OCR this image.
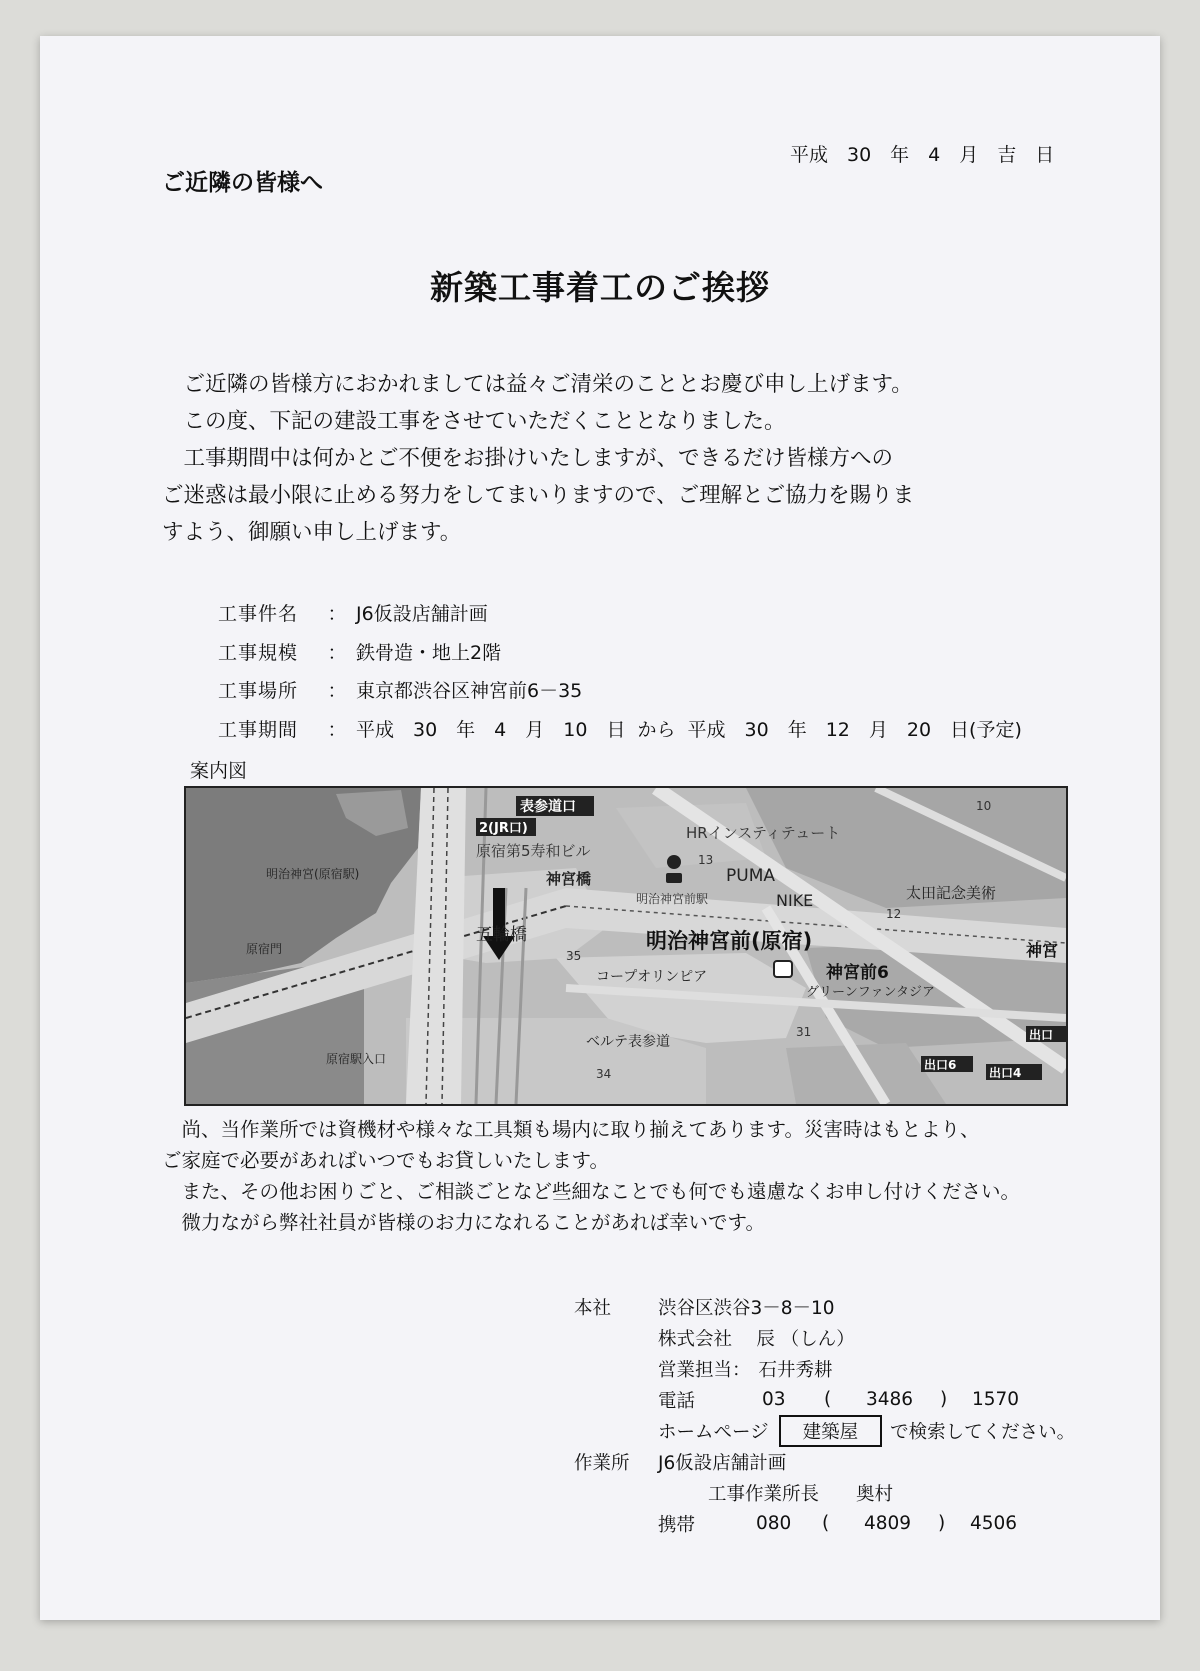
平成　30　年　4　月　吉　日
ご近隣の皆様へ
新築工事着工のご挨拶

　ご近隣の皆様方におかれましては益々ご清栄のこととお慶び申し上げます。

　この度、下記の建設工事をさせていただくこととなりました。

　工事期間中は何かとご不便をお掛けいたしますが、できるだけ皆様方への

ご迷惑は最小限に止める努力をしてまいりますので、ご理解とご協力を賜りま

すよう、御願い申し上げます。

工事件名	： J6仮設店舗計画
工事規模	： 鉄骨造・地上2階
工事場所	： 東京都渋谷区神宮前6－35
工事期間	： 平成　30　年　4　月　10　日 から 平成　30　年　12　月　20　日(予定)
案内図
表参道口
2(JR口)
出口6
出口4
出口
HRインスティテュート
原宿第5寿和ビル
明治神宮(原宿駅)	神宮橋
明治神宮前駅
PUMA
NIKE	太田記念美術
五輪橋	明治神宮前(原宿)
神宮前6
神宮
原宿門
コープオリンピア
グリーンファンタジア
ベルテ表参道
原宿駅入口
10
13
12
35
31
34

　尚、当作業所では資機材や様々な工具類も場内に取り揃えてあります。災害時はもとより、

ご家庭で必要があればいつでもお貸しいたします。

　また、その他お困りごと、ご相談ごとなど些細なことでも何でも遠慮なくお申し付けください。

　微力ながら弊社社員が皆様のお力になれることがあれば幸いです。

本社	渋谷区渋谷3－8－10
株式会社　 辰 （しん）
営業担当： 石井秀耕
電話	03	(	3486	)	1570
ホームページ	建築屋	で検索してください。
作業所	J6仮設店舗計画
工事作業所長	奥村
携帯	080	(	4809	)	4506
